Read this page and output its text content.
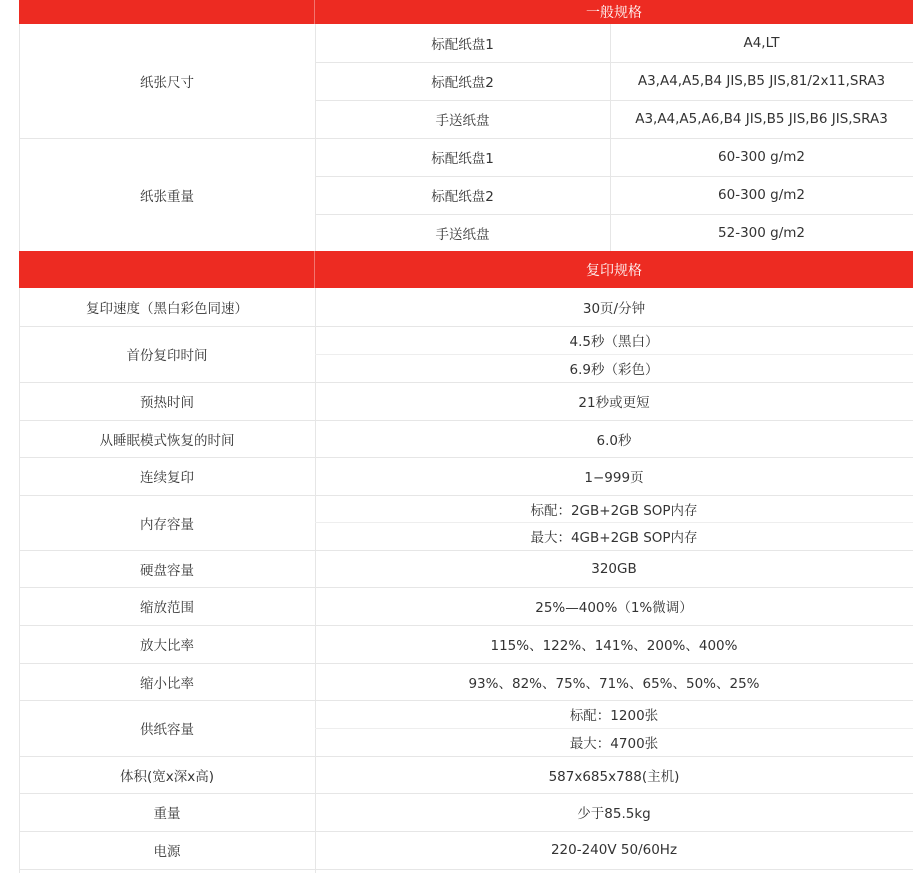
一般规格
纸张尺寸
标配纸盘1	A4,LT
标配纸盘2	A3,A4,A5,B4 JIS,B5 JIS,81/2x11,SRA3
手送纸盘	A3,A4,A5,A6,B4 JIS,B5 JIS,B6 JIS,SRA3
纸张重量
标配纸盘1	60-300 g/m2
标配纸盘2	60-300 g/m2
手送纸盘	52-300 g/m2
复印规格
复印速度（黑白彩色同速）	30页/分钟
首份复印时间
4.5秒（黑白）
6.9秒（彩色）
预热时间	21秒或更短
从睡眠模式恢复的时间	6.0秒
连续复印	1−999页
内存容量
标配：2GB+2GB SOP内存
最大：4GB+2GB SOP内存
硬盘容量	320GB
缩放范围	25%—400%（1%微调）
放大比率	115%、122%、141%、200%、400%
缩小比率	93%、82%、75%、71%、65%、50%、25%
供纸容量
标配：1200张
最大：4700张
体积(宽x深x高)	587x685x788(主机)
重量	少于85.5kg
电源	220-240V 50/60Hz
